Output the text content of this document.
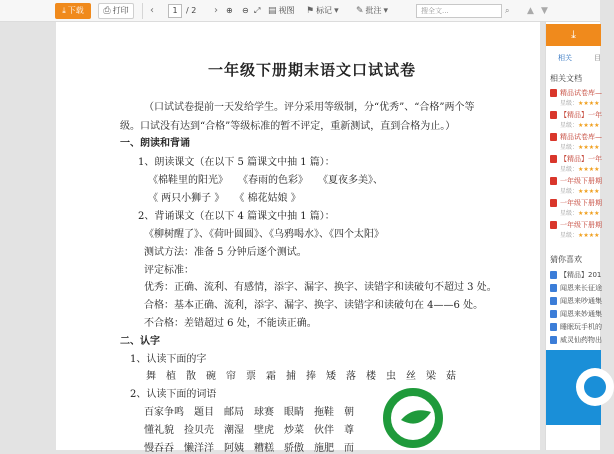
⤓ 下载 ⎙ 打印 ‹	1	/ 2 › ⊕ ⊖ ⤢ ▤ 视图 ⚑ 标记 ▾ ✎ 批注 ▾	搜全文...	⌕ ▲ ▼
一年级下册期末语文口试试卷
（口试试卷提前一天发给学生。评分采用等级制，分“优秀”、“合格”两个等
级。口试没有达到“合格”等级标准的暂不评定，重新测试，直到合格为止。）
一、朗读和背诵
1、朗读课文（在以下 5 篇课文中抽 1 篇）：
《棉鞋里的阳光》　　《春雨的色彩》　　《夏夜多美》、
《 两只小狮子 》　　《 棉花姑娘 》
2、背诵课文（在以下 4 篇课文中抽 1 篇）：
《柳树醒了》、《荷叶圆圆》、《乌鸦喝水》、《四个太阳》
测试方法：准备 5 分钟后逐个测试。
评定标准：
优秀：正确、流利、有感情，添字、漏字、换字、读错字和读破句不超过 3 处。
合格：基本正确、流利，添字、漏字、换字、读错字和读破句在 4——6 处。
不合格：差错超过 6 处，不能读正确。
二、认字
1、认读下面的字
舞　植　散　碗　帘　票　霜　捕　捧　矮　落　楼　虫　丝　梁　菇
2、认读下面的词语
百家争鸣　题目　邮局　球赛　眼睛　拖鞋　朝
懂礼貌　捡贝壳　潮湿　壁虎　炒菜　伙伴　尊
慢吞吞　懒洋洋　阿姨　糟糕　骄傲　施肥　而
⤓
相关	目
相关文档
精品试卷库—
星级：★★★★
【精品】一年
星级：★★★★
精品试卷库—
星级：★★★★
【精品】一年
星级：★★★★
一年级下册期
星级：★★★★
一年级下册期
星级：★★★★
一年级下册期
星级：★★★★
猜你喜欢
【精品】201
闻恩来长征途
闻恩来吵通集
闻恩来妙通集
睡眠玩手机的
威灵仙药物出
